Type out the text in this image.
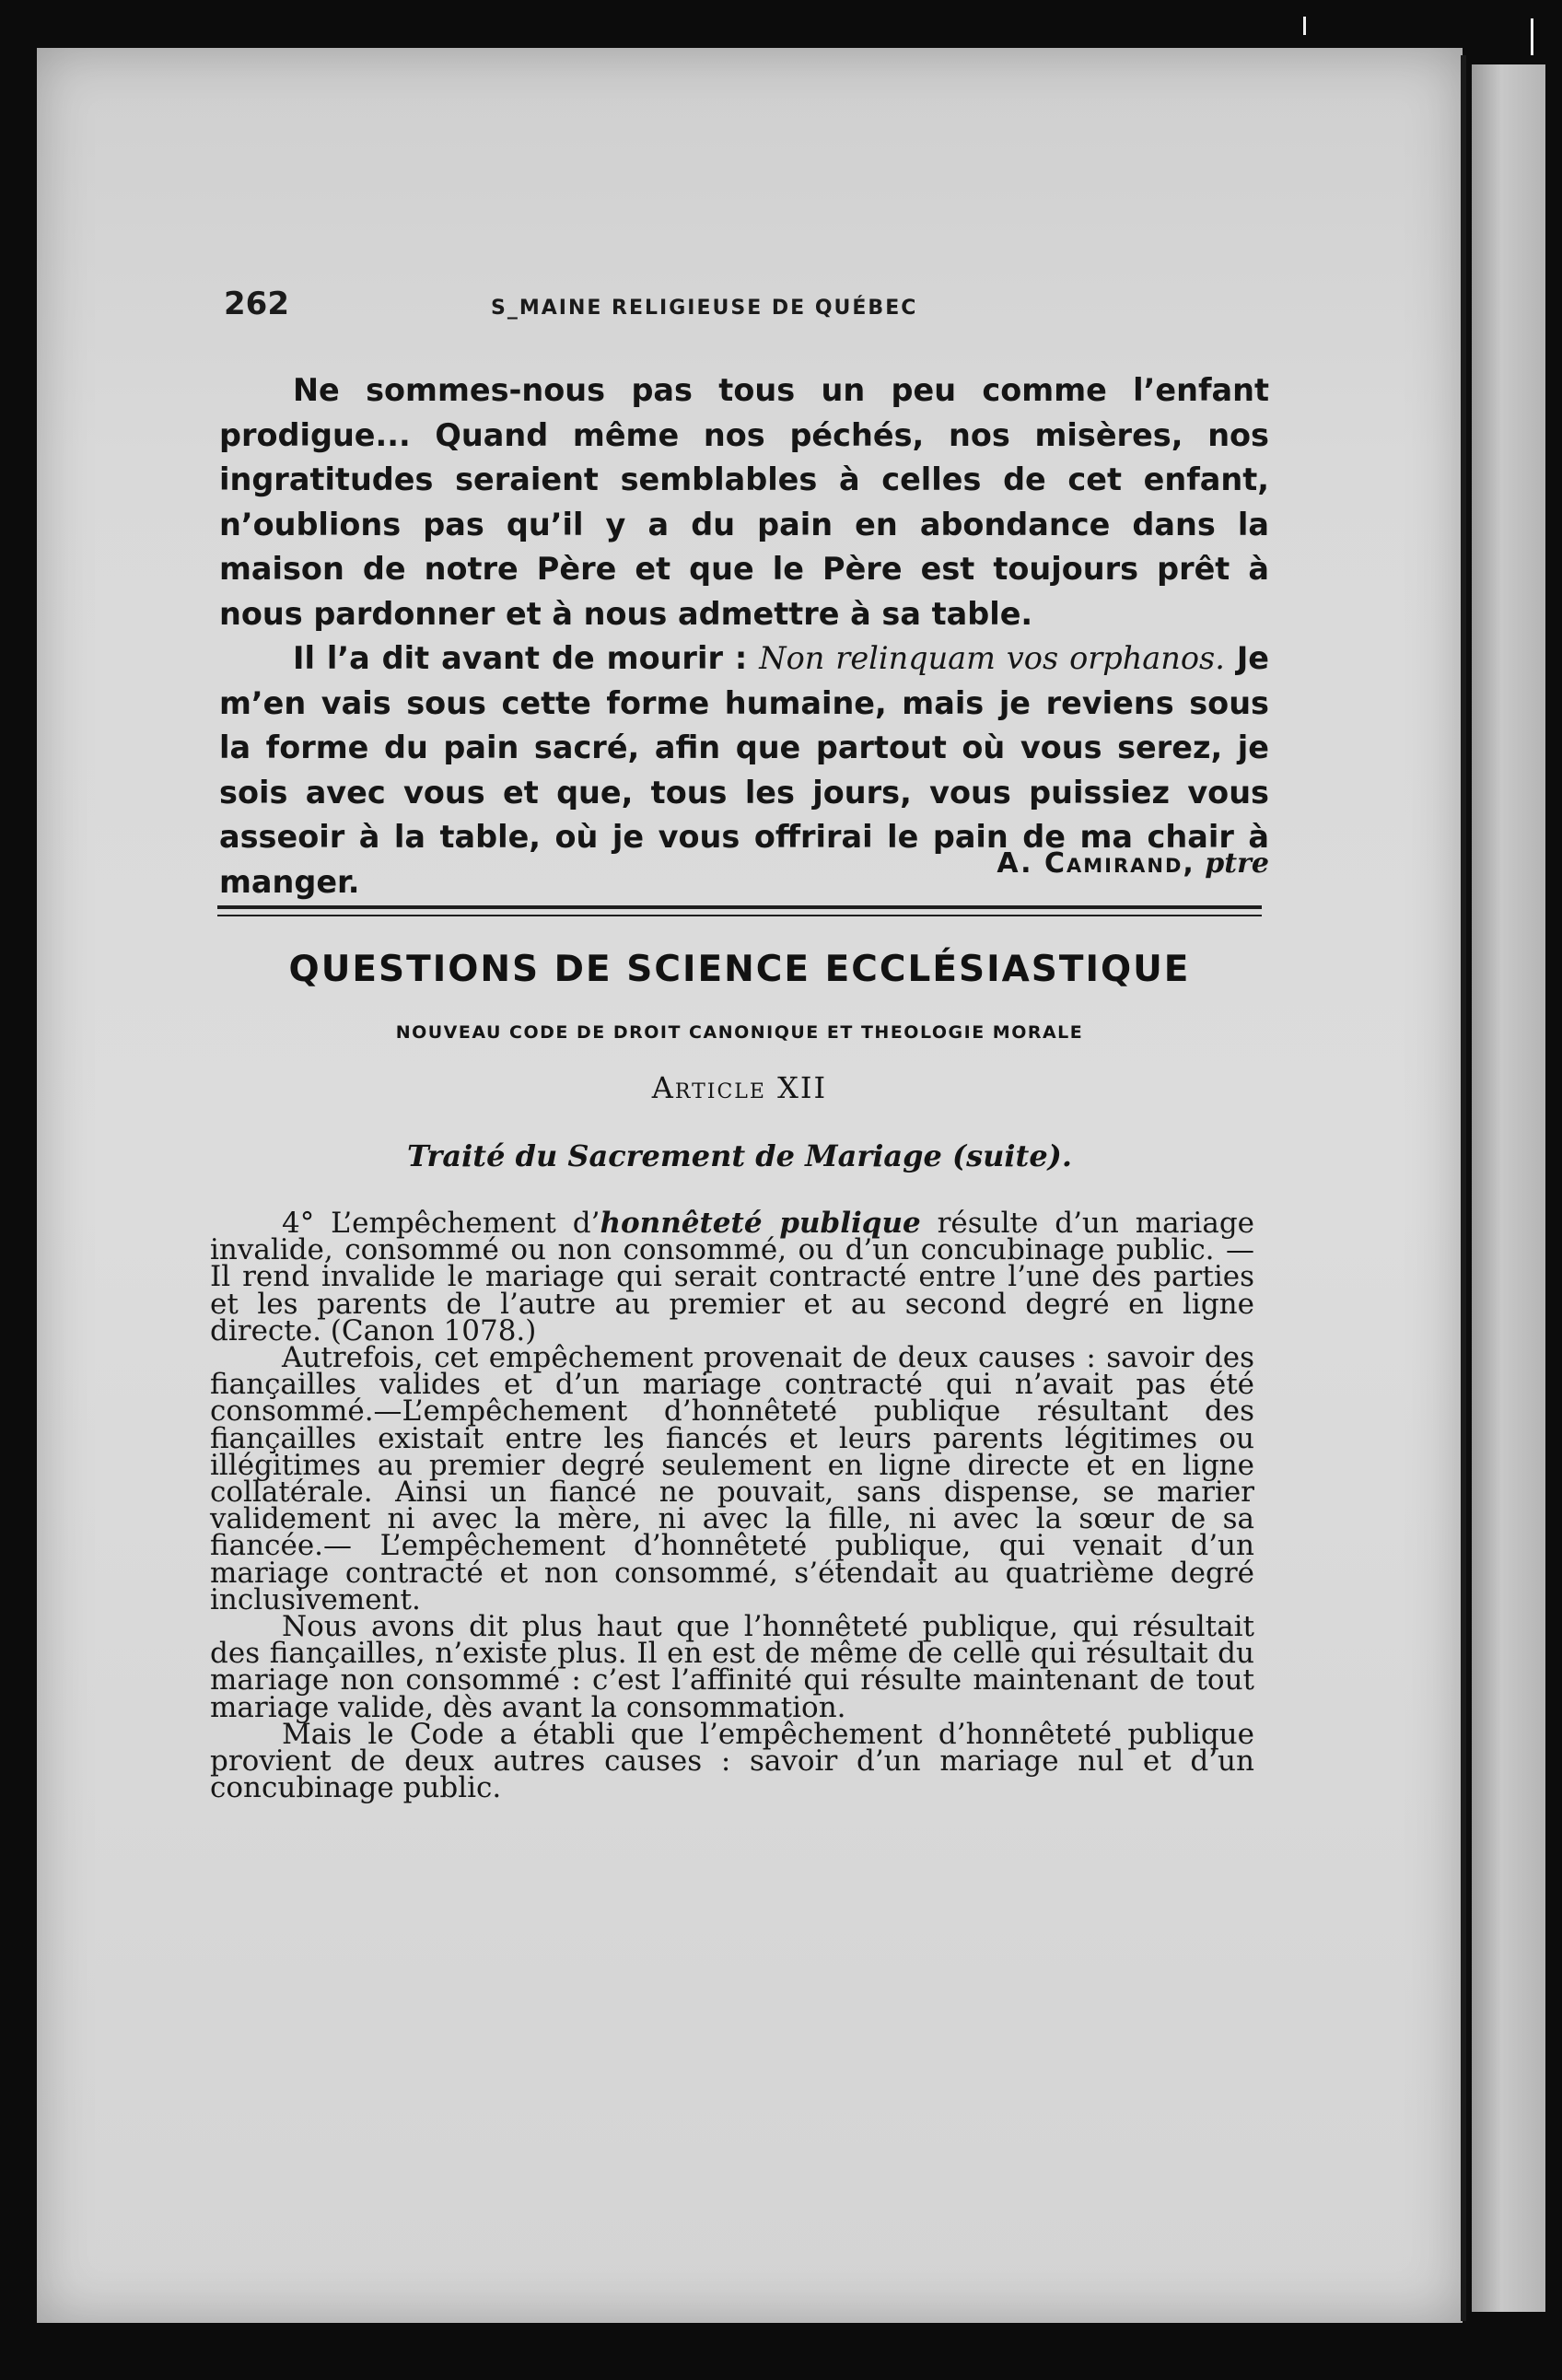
262	S_MAINE RELIGIEUSE DE QUÉBEC

Ne sommes-nous pas tous un peu comme l’enfant prodigue... Quand même nos péchés, nos misères, nos ingratitudes seraient semblables à celles de cet enfant, n’oublions pas qu’il y a du pain en abondance dans la maison de notre Père et que le Père est toujours prêt à nous pardonner et à nous admettre à sa table.

Il l’a dit avant de mourir : Non relinquam vos orphanos. Je m’en vais sous cette forme humaine, mais je reviens sous la forme du pain sacré, afin que partout où vous serez, je sois avec vous et que, tous les jours, vous puissiez vous asseoir à la table, où je vous offrirai le pain de ma chair à manger.	A. Camirand, ptre
QUESTIONS DE SCIENCE ECCLÉSIASTIQUE
NOUVEAU CODE DE DROIT CANONIQUE ET THEOLOGIE MORALE
Article XII
Traité du Sacrement de Mariage (suite).

4° L’empêchement d’honnêteté publique résulte d’un mariage invalide, consommé ou non consommé, ou d’un concubinage public. — Il rend invalide le mariage qui serait contracté entre l’une des parties et les parents de l’autre au premier et au second degré en ligne directe. (Canon 1078.)

Autrefois, cet empêchement provenait de deux causes : savoir des fiançailles valides et d’un mariage contracté qui n’avait pas été consommé.—L’empêchement d’honnêteté publique résultant des fiançailles existait entre les fiancés et leurs parents légitimes ou illégitimes au premier degré seulement en ligne directe et en ligne collatérale. Ainsi un fiancé ne pouvait, sans dispense, se marier validement ni avec la mère, ni avec la fille, ni avec la sœur de sa fiancée.— L’empêchement d’honnêteté publique, qui venait d’un mariage contracté et non consommé, s’étendait au quatrième degré inclusivement.

Nous avons dit plus haut que l’honnêteté publique, qui résultait des fiançailles, n’existe plus. Il en est de même de celle qui résultait du mariage non consommé : c’est l’affinité qui résulte maintenant de tout mariage valide, dès avant la consommation.

Mais le Code a établi que l’empêchement d’honnêteté publique provient de deux autres causes : savoir d’un mariage nul et d’un concubinage public.
